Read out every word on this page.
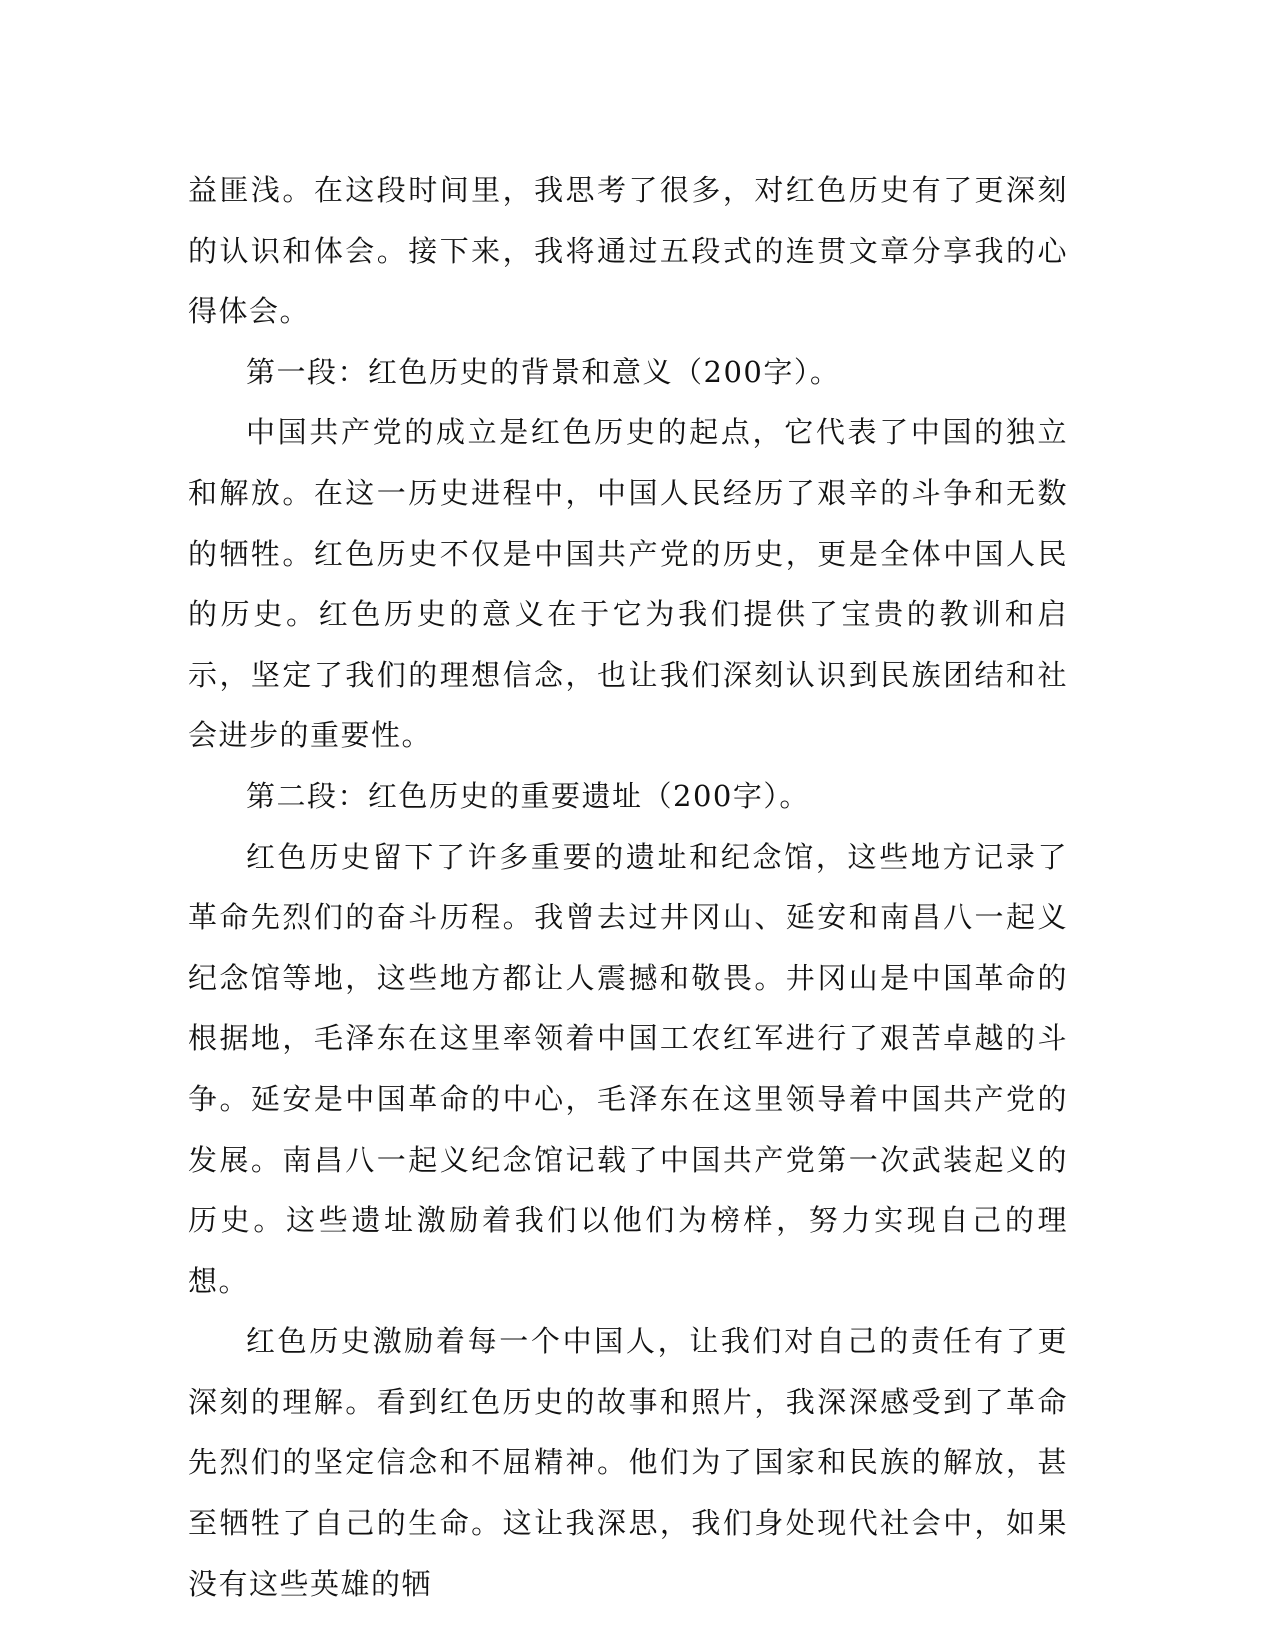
益匪浅。在这段时间里，我思考了很多，对红色历史有了更深刻的认识和体会。接下来，我将通过五段式的连贯文章分享我的心得体会。

第一段：红色历史的背景和意义（200字）。

中国共产党的成立是红色历史的起点，它代表了中国的独立和解放。在这一历史进程中，中国人民经历了艰辛的斗争和无数的牺牲。红色历史不仅是中国共产党的历史，更是全体中国人民的历史。红色历史的意义在于它为我们提供了宝贵的教训和启示，坚定了我们的理想信念，也让我们深刻认识到民族团结和社会进步的重要性。

第二段：红色历史的重要遗址（200字）。

红色历史留下了许多重要的遗址和纪念馆，这些地方记录了革命先烈们的奋斗历程。我曾去过井冈山、延安和南昌八一起义纪念馆等地，这些地方都让人震撼和敬畏。井冈山是中国革命的根据地，毛泽东在这里率领着中国工农红军进行了艰苦卓越的斗争。延安是中国革命的中心，毛泽东在这里领导着中国共产党的发展。南昌八一起义纪念馆记载了中国共产党第一次武装起义的历史。这些遗址激励着我们以他们为榜样，努力实现自己的理想。

红色历史激励着每一个中国人，让我们对自己的责任有了更深刻的理解。看到红色历史的故事和照片，我深深感受到了革命先烈们的坚定信念和不屈精神。他们为了国家和民族的解放，甚至牺牲了自己的生命。这让我深思，我们身处现代社会中，如果没有这些英雄的牺
